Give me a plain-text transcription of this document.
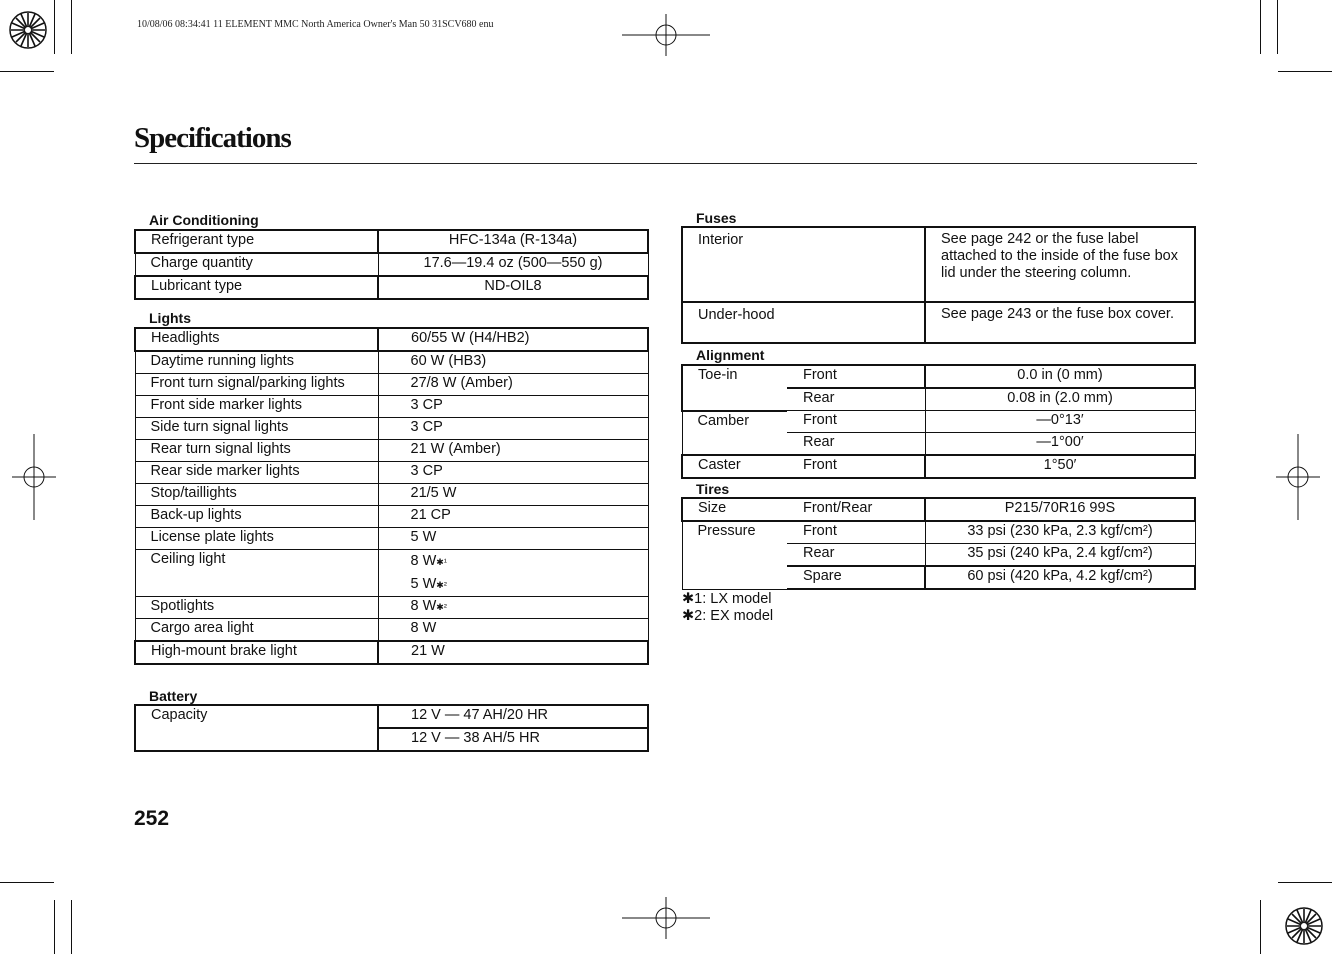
10/08/06 08:34:41 11 ELEMENT MMC North America Owner's Man 50 31SCV680 enu
Specifications
Air Conditioning
Refrigerant type	HFC-134a (R-134a)
Charge quantity	17.6—19.4 oz (500—550 g)
Lubricant type	ND-OIL8
Lights
Headlights	60/55 W (H4/HB2)
Daytime running lights	60 W (HB3)
Front turn signal/parking lights	27/8 W (Amber)
Front side marker lights	3 CP
Side turn signal lights	3 CP
Rear turn signal lights	21 W (Amber)
Rear side marker lights	3 CP
Stop/taillights	21/5 W
Back-up lights	21 CP
License plate lights	5 W
Ceiling light	8 $W^{✱^1}$
5 $W^{✱^2}$

Spotlights	8 $W^{✱^2}$
Cargo area light	8 W
High-mount brake light	21 W
Battery
Capacity	12 V — 47 AH/20 HR
12 V — 38 AH/5 HR
252
Fuses
Interior	See page 242 or the fuse label attached to the inside of the fuse box lid under the steering column.
Under-hood	See page 243 or the fuse box cover.
Alignment
Toe-in	Front	0.0 in (0 mm)
	Rear	0.08 in (2.0 mm)
Camber	Front	—0°13′
	Rear	—1°00′
Caster	Front	1°50′
Tires
Size	Front/Rear	P215/70R16 99S
Pressure	Front	33 psi (230 kPa, 2.3 kgf/cm²)
	Rear	35 psi (240 kPa, 2.4 kgf/cm²)
	Spare	60 psi (420 kPa, 4.2 kgf/cm²)
✱1: LX model
✱2: EX model
